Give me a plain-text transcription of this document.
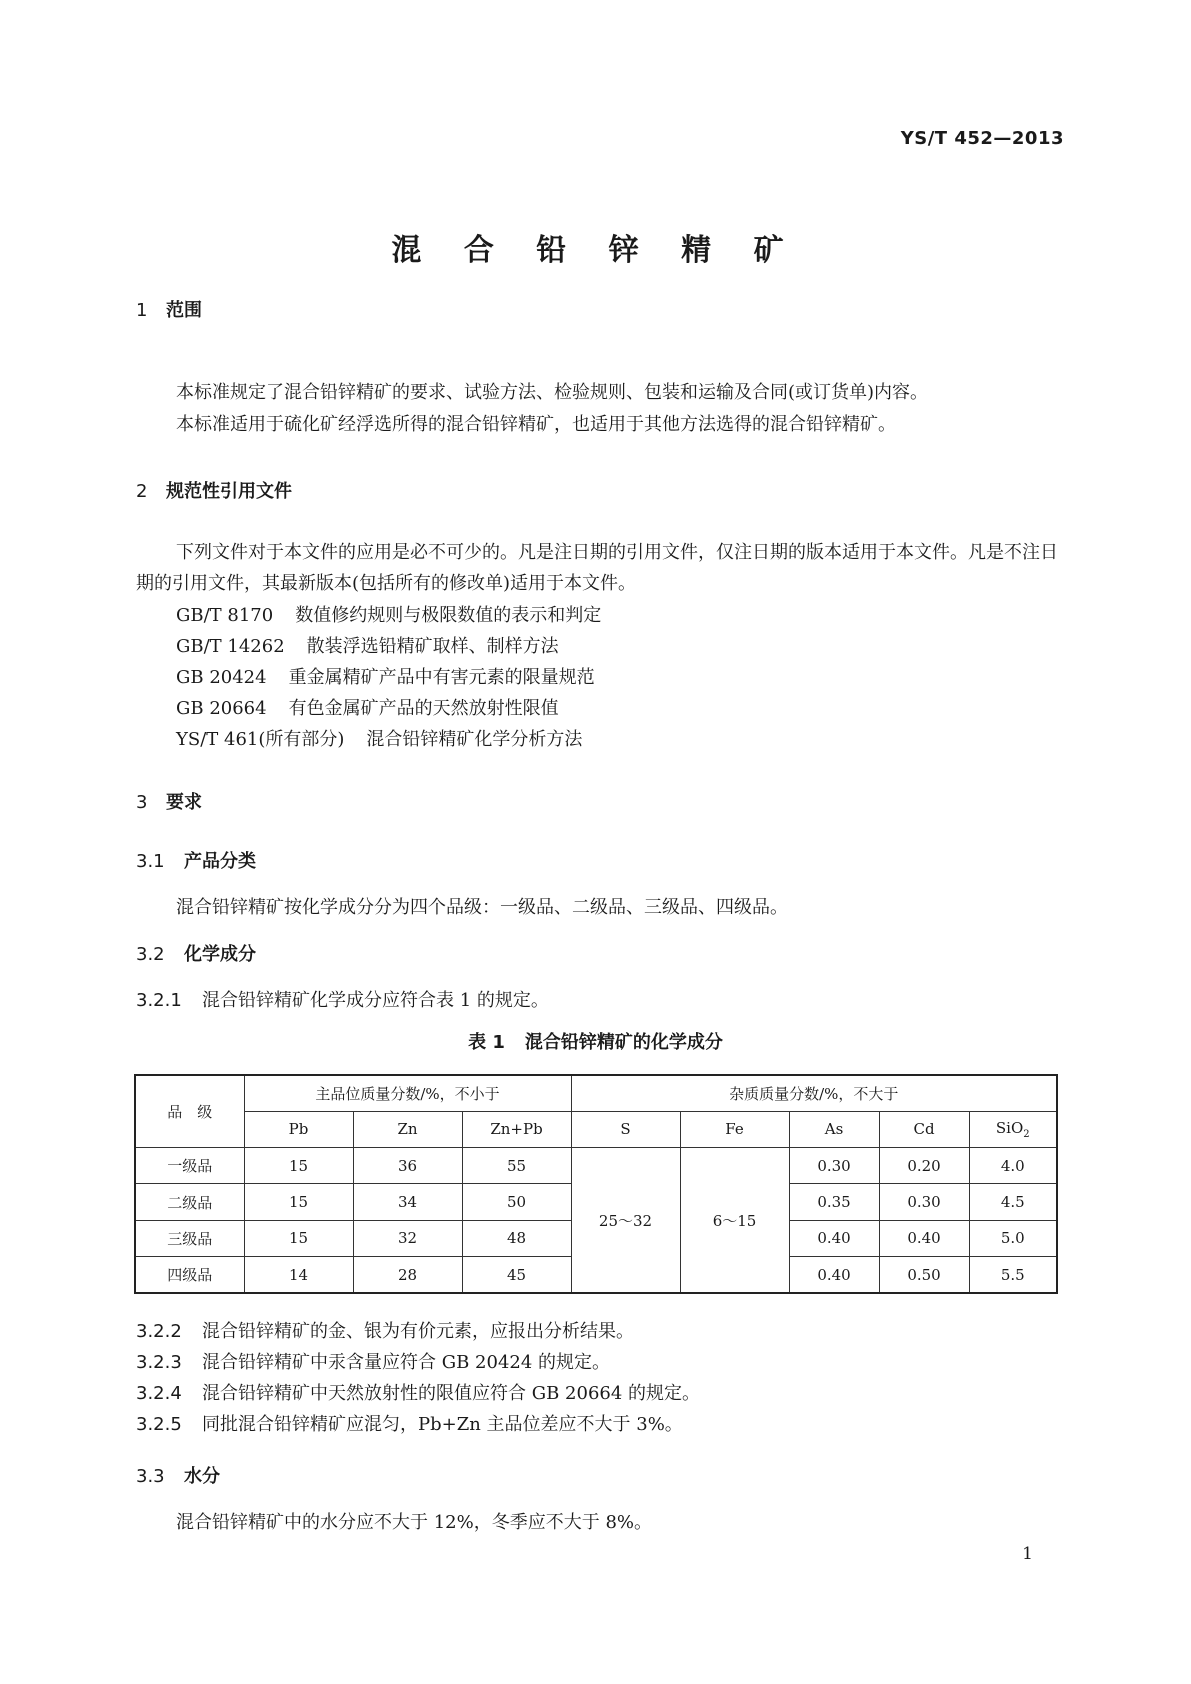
YS/T 452—2013
混 合 铅 锌 精 矿
1 范围
本标准规定了混合铅锌精矿的要求、试验方法、检验规则、包装和运输及合同(或订货单)内容。
本标准适用于硫化矿经浮选所得的混合铅锌精矿，也适用于其他方法选得的混合铅锌精矿。
2 规范性引用文件
下列文件对于本文件的应用是必不可少的。凡是注日期的引用文件，仅注日期的版本适用于本文件。凡是不注日期的引用文件，其最新版本(包括所有的修改单)适用于本文件。
GB/T 8170 数值修约规则与极限数值的表示和判定
GB/T 14262 散装浮选铅精矿取样、制样方法
GB 20424 重金属精矿产品中有害元素的限量规范
GB 20664 有色金属矿产品的天然放射性限值
YS/T 461(所有部分) 混合铅锌精矿化学分析方法
3 要求
3.1 产品分类
混合铅锌精矿按化学成分分为四个品级：一级品、二级品、三级品、四级品。
3.2 化学成分
3.2.1 混合铅锌精矿化学成分应符合表 1 的规定。
表 1 混合铅锌精矿的化学成分
品　级	主品位质量分数/%，不小于			杂质质量分数/%，不大于				
	Pb	Zn	Zn+Pb	S	Fe	As	Cd	SiO$_2$
一级品	15	36	55	25～32	6～15	0.30	0.20	4.0
二级品	15	34	50			0.35	0.30	4.5
三级品	15	32	48			0.40	0.40	5.0
四级品	14	28	45			0.40	0.50	5.5
3.2.2 混合铅锌精矿的金、银为有价元素，应报出分析结果。
3.2.3 混合铅锌精矿中汞含量应符合 GB 20424 的规定。
3.2.4 混合铅锌精矿中天然放射性的限值应符合 GB 20664 的规定。
3.2.5 同批混合铅锌精矿应混匀，Pb+Zn 主品位差应不大于 3%。
3.3 水分
混合铅锌精矿中的水分应不大于 12%，冬季应不大于 8%。
1
